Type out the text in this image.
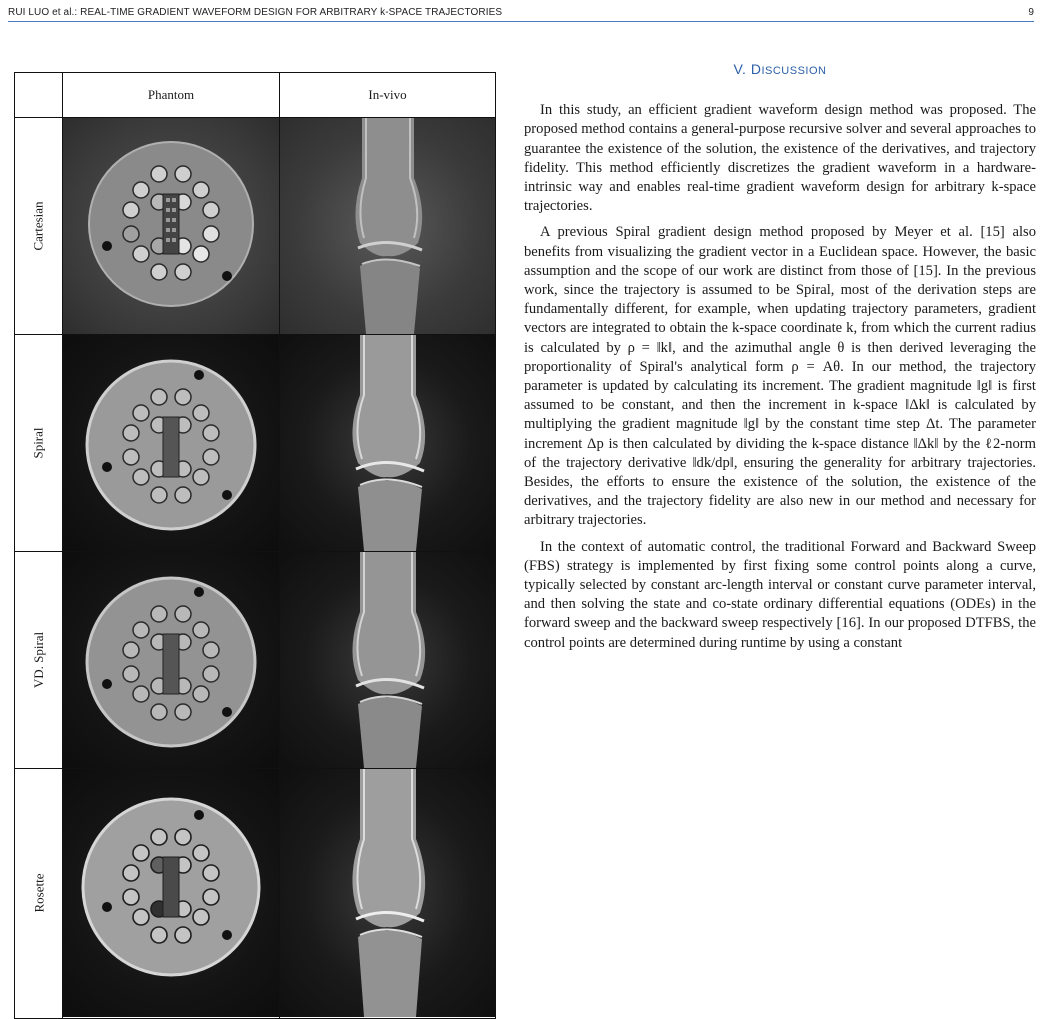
RUI LUO et al.: REAL-TIME GRADIENT WAVEFORM DESIGN FOR ARBITRARY k-SPACE TRAJECTORIES	9
Phantom	In-vivo
Cartesian
Spiral
VD. Spiral
Rosette
V. DISCUSSION

In this study, an efficient gradient waveform design method was proposed. The proposed method contains a general-purpose recursive solver and several approaches to guarantee the existence of the solution, the existence of the derivatives, and trajectory fidelity. This method efficiently discretizes the gradient waveform in a hardware-intrinsic way and enables real-time gradient waveform design for arbitrary k-space trajectories.

A previous Spiral gradient design method proposed by Meyer et al. [15] also benefits from visualizing the gradient vector in a Euclidean space. However, the basic assumption and the scope of our work are distinct from those of [15]. In the previous work, since the trajectory is assumed to be Spiral, most of the derivation steps are fundamentally different, for example, when updating trajectory parameters, gradient vectors are integrated to obtain the k-space coordinate k, from which the current radius is calculated by ρ = ‖k‖, and the azimuthal angle θ is then derived leveraging the proportionality of Spiral's analytical form ρ = Aθ. In our method, the trajectory parameter is updated by calculating its increment. The gradient magnitude ‖g‖ is first assumed to be constant, and then the increment in k-space ‖Δk‖ is calculated by multiplying the gradient magnitude ‖g‖ by the constant time step Δt. The parameter increment Δp is then calculated by dividing the k-space distance ‖Δk‖ by the ℓ2-norm of the trajectory derivative ‖dk/dp‖, ensuring the generality for arbitrary trajectories. Besides, the efforts to ensure the existence of the solution, the existence of the derivatives, and the trajectory fidelity are also new in our method and necessary for arbitrary trajectories.

In the context of automatic control, the traditional Forward and Backward Sweep (FBS) strategy is implemented by first fixing some control points along a curve, typically selected by constant arc-length interval or constant curve parameter interval, and then solving the state and co-state ordinary differential equations (ODEs) in the forward sweep and the backward sweep respectively [16]. In our proposed DTFBS, the control points are determined during runtime by using a constant
